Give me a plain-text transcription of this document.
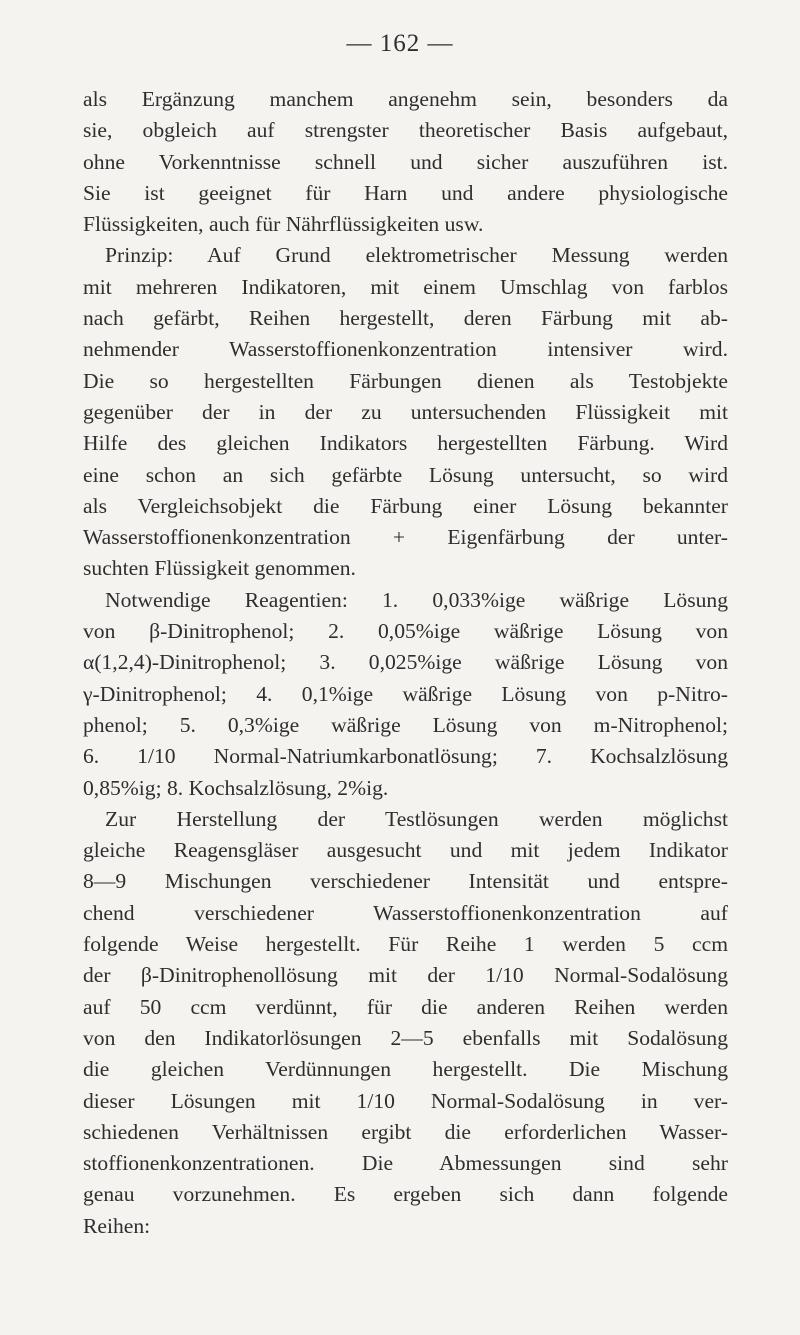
— 162 —
als Ergänzung manchem angenehm sein, besonders da
sie, obgleich auf strengster theoretischer Basis aufgebaut,
ohne Vorkenntnisse schnell und sicher auszuführen ist.
Sie ist geeignet für Harn und andere physiologische
Flüssigkeiten, auch für Nährflüssigkeiten usw.
Prinzip: Auf Grund elektrometrischer Messung werden
mit mehreren Indikatoren, mit einem Umschlag von farblos
nach gefärbt, Reihen hergestellt, deren Färbung mit ab-
nehmender Wasserstoffionenkonzentration intensiver wird.
Die so hergestellten Färbungen dienen als Testobjekte
gegenüber der in der zu untersuchenden Flüssigkeit mit
Hilfe des gleichen Indikators hergestellten Färbung. Wird
eine schon an sich gefärbte Lösung untersucht, so wird
als Vergleichsobjekt die Färbung einer Lösung bekannter
Wasserstoffionenkonzentration + Eigenfärbung der unter-
suchten Flüssigkeit genommen.
Notwendige Reagentien: 1. 0,033%ige wäßrige Lösung
von β-Dinitrophenol; 2. 0,05%ige wäßrige Lösung von
α(1,2,4)-Dinitrophenol; 3. 0,025%ige wäßrige Lösung von
γ-Dinitrophenol; 4. 0,1%ige wäßrige Lösung von p-Nitro-
phenol; 5. 0,3%ige wäßrige Lösung von m-Nitrophenol;
6. 1/10 Normal-Natriumkarbonatlösung; 7. Kochsalzlösung
0,85%ig; 8. Kochsalzlösung, 2%ig.
Zur Herstellung der Testlösungen werden möglichst
gleiche Reagensgläser ausgesucht und mit jedem Indikator
8—9 Mischungen verschiedener Intensität und entspre-
chend verschiedener Wasserstoffionenkonzentration auf
folgende Weise hergestellt. Für Reihe 1 werden 5 ccm
der β-Dinitrophenollösung mit der 1/10 Normal-Sodalösung
auf 50 ccm verdünnt, für die anderen Reihen werden
von den Indikatorlösungen 2—5 ebenfalls mit Sodalösung
die gleichen Verdünnungen hergestellt. Die Mischung
dieser Lösungen mit 1/10 Normal-Sodalösung in ver-
schiedenen Verhältnissen ergibt die erforderlichen Wasser-
stoffionenkonzentrationen. Die Abmessungen sind sehr
genau vorzunehmen. Es ergeben sich dann folgende
Reihen:
